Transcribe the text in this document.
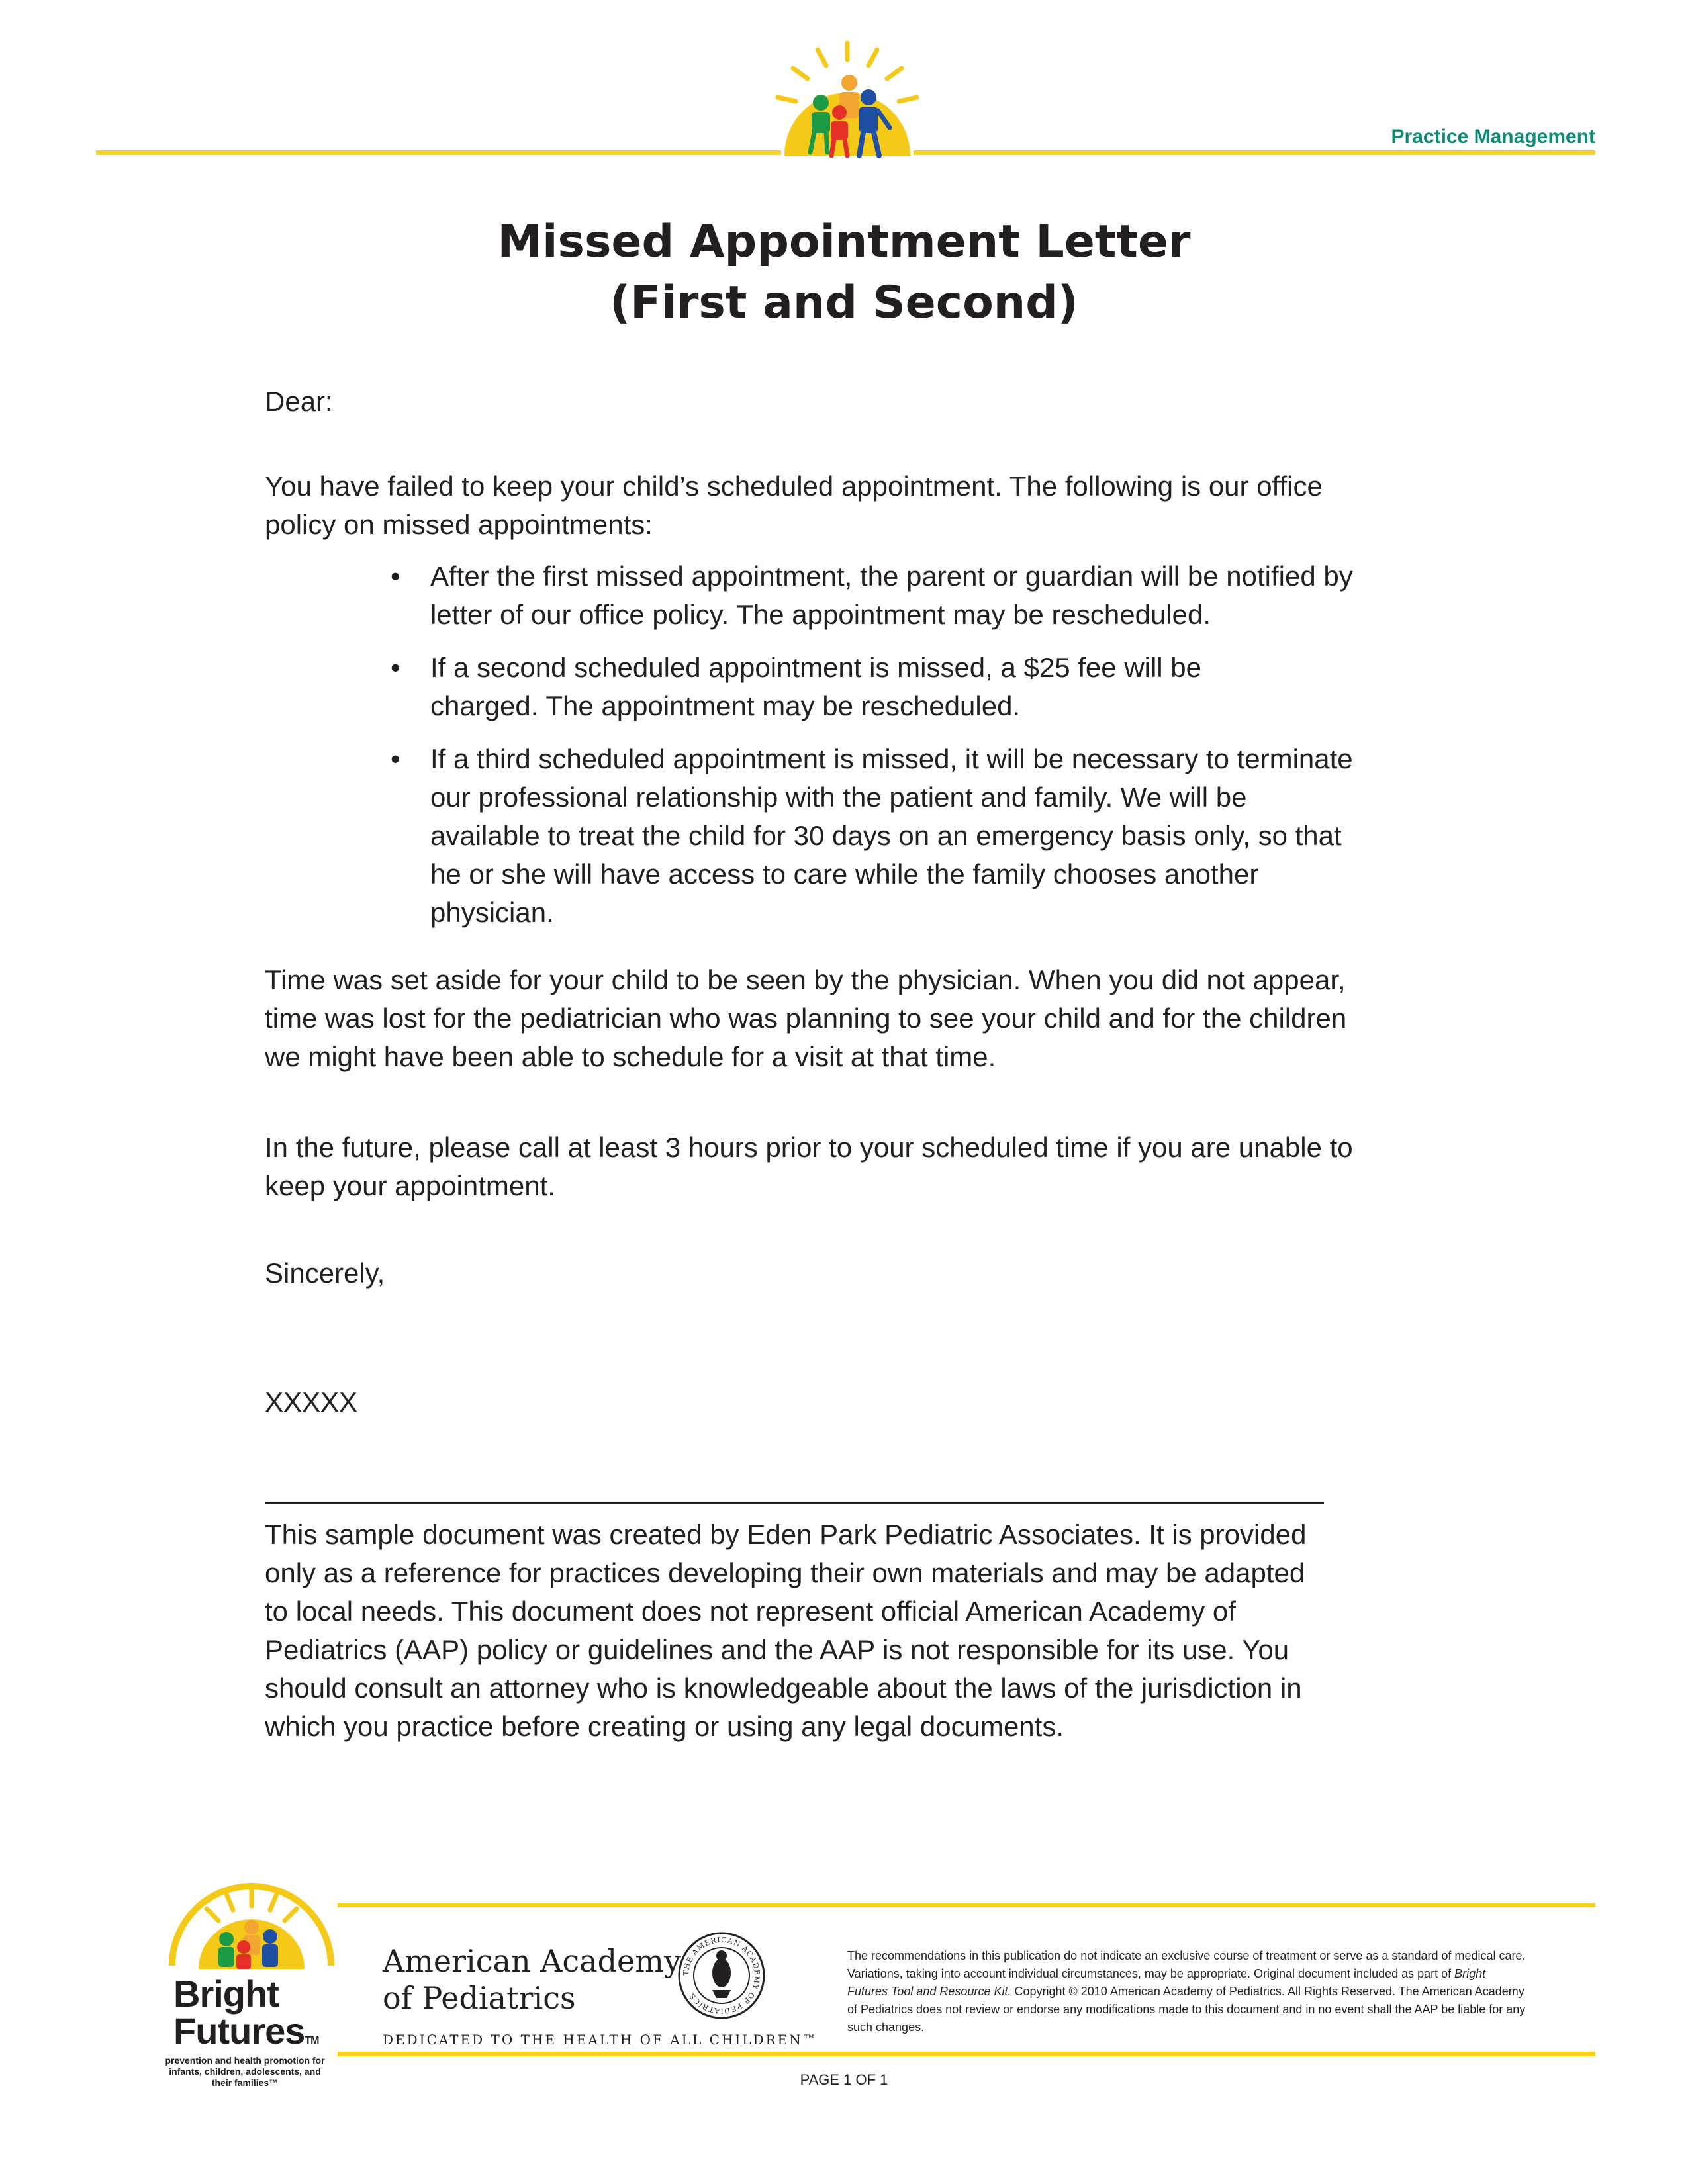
Practice Management
Missed Appointment Letter
(First and Second)
Dear:
You have failed to keep your child’s scheduled appointment. The following is our office policy on missed appointments:
• After the first missed appointment, the parent or guardian will be notified by letter of our office policy. The appointment may be rescheduled.
• If a second scheduled appointment is missed, a $25 fee will be charged. The appointment may be rescheduled.
• If a third scheduled appointment is missed, it will be necessary to terminate our professional relationship with the patient and family. We will be available to treat the child for 30 days on an emergency basis only, so that he or she will have access to care while the family chooses another physician.
Time was set aside for your child to be seen by the physician. When you did not appear, time was lost for the pediatrician who was planning to see your child and for the children we might have been able to schedule for a visit at that time.
In the future, please call at least 3 hours prior to your scheduled time if you are unable to keep your appointment.
Sincerely,
XXXXX
This sample document was created by Eden Park Pediatric Associates. It is provided only as a reference for practices developing their own materials and may be adapted to local needs. This document does not represent official American Academy of Pediatrics (AAP) policy or guidelines and the AAP is not responsible for its use. You should consult an attorney who is knowledgeable about the laws of the jurisdiction in which you practice before creating or using any legal documents.
Bright
FuturesTM
prevention and health promotion for infants, children, adolescents, and their families™
American Academy
of Pediatrics
THE AMERICAN ACADEMY OF PEDIATRICS
DEDICATED TO THE HEALTH OF ALL CHILDREN™
The recommendations in this publication do not indicate an exclusive course of treatment or serve as a standard of medical care. Variations, taking into account individual circumstances, may be appropriate. Original document included as part of Bright Futures Tool and Resource Kit. Copyright © 2010 American Academy of Pediatrics. All Rights Reserved. The American Academy of Pediatrics does not review or endorse any modifications made to this document and in no event shall the AAP be liable for any such changes.
PAGE 1 OF 1
